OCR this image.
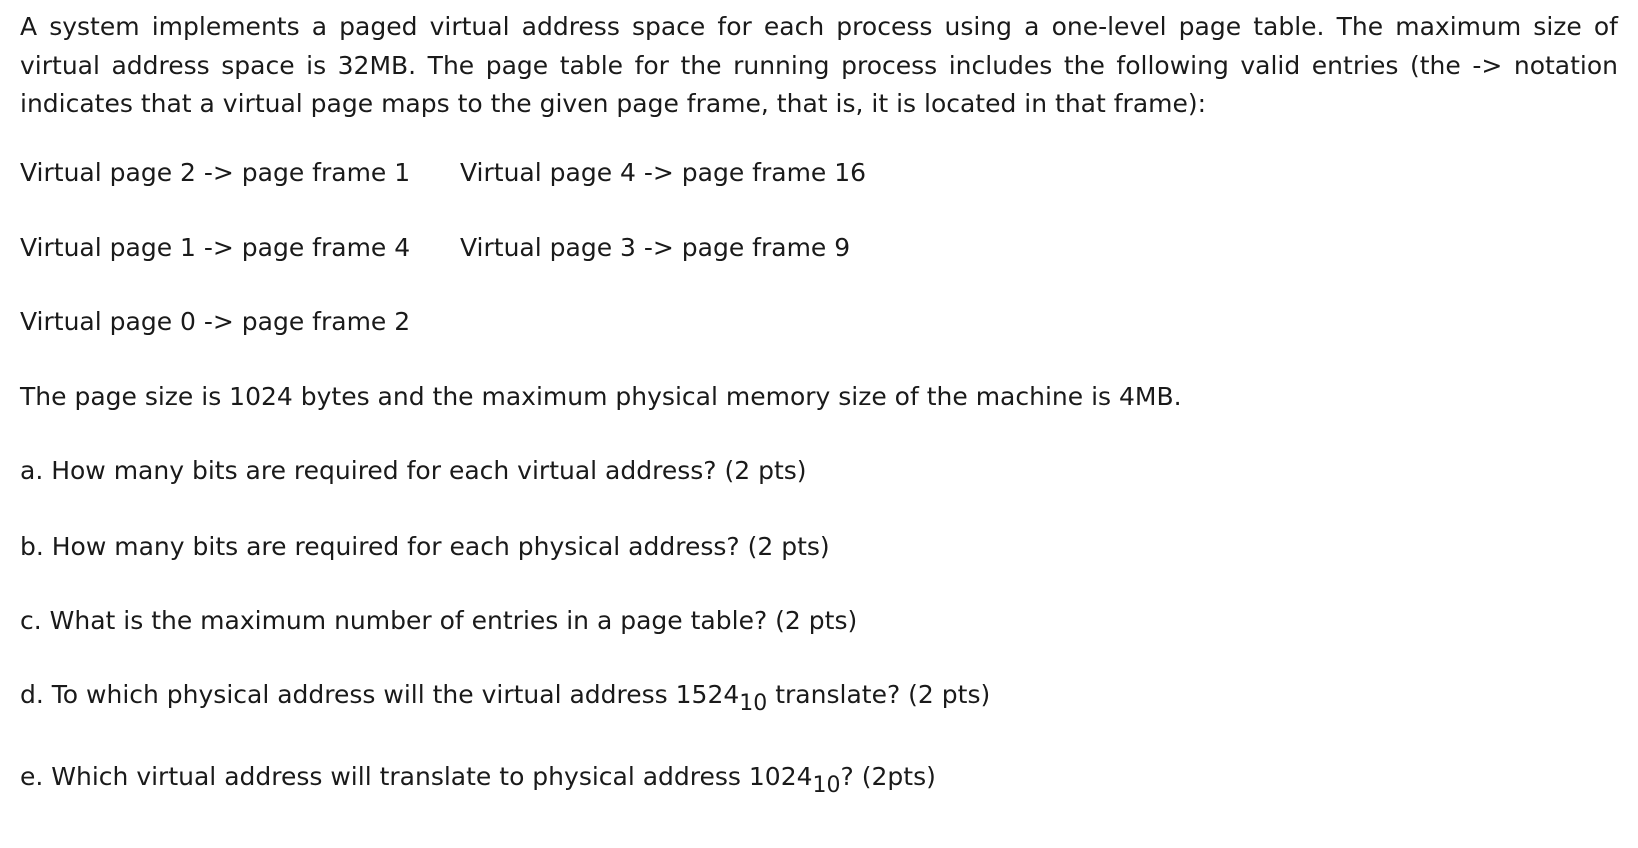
A system implements a paged virtual address space for each process using a one-level page table. The maximum size of virtual address space is 32MB. The page table for the running process includes the following valid entries (the -> notation indicates that a virtual page maps to the given page frame, that is, it is located in that frame):

Virtual page 2 -> page frame 1 Virtual page 4 -> page frame 16
Virtual page 1 -> page frame 4 Virtual page 3 -> page frame 9
Virtual page 0 -> page frame 2
The page size is 1024 bytes and the maximum physical memory size of the machine is 4MB.
a. How many bits are required for each virtual address? (2 pts)
b. How many bits are required for each physical address? (2 pts)
c. What is the maximum number of entries in a page table? (2 pts)
d. To which physical address will the virtual address $1524_{10}$ translate? (2 pts)
e. Which virtual address will translate to physical address $1024_{10}$? (2pts)
